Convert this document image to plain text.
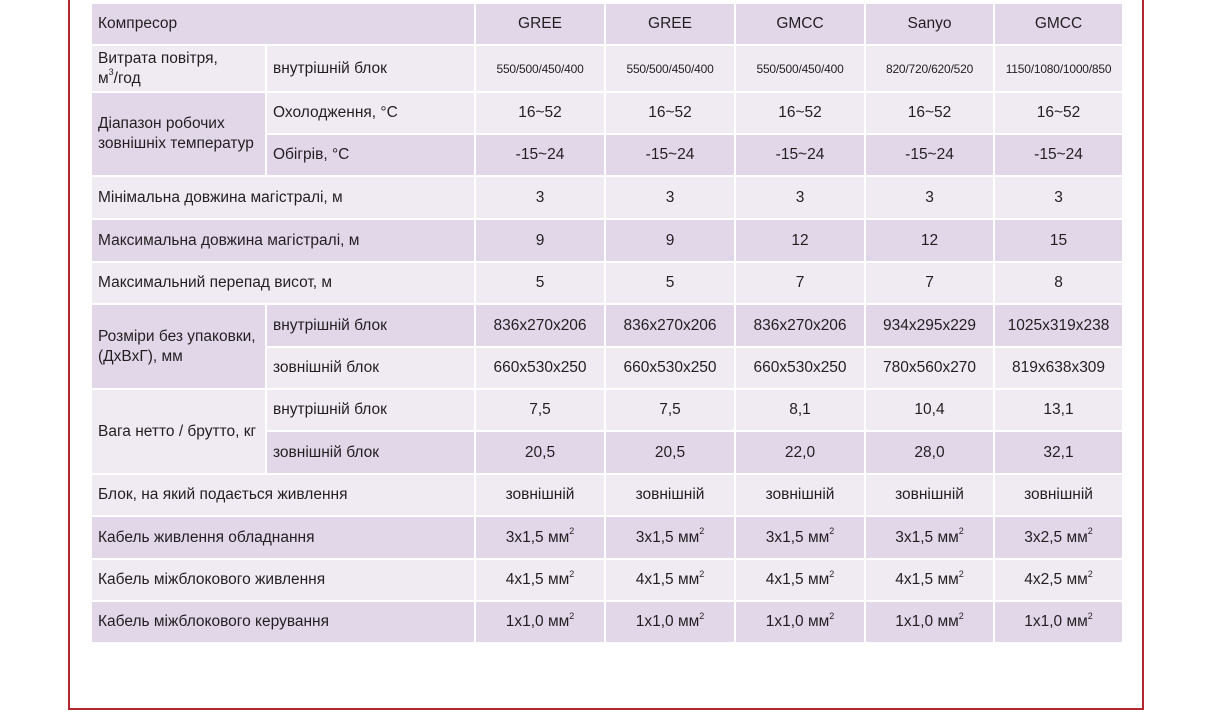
Компресор		GREE	GREE	GMCC	Sanyo	GMCC
Витрата повітря,
$м^3$/год	внутрішній блок	550/500/450/400	550/500/450/400	550/500/450/400	820/720/620/520	1150/1080/1000/850
Діапазон робочих зовнішніх температур	Охолодження, °С	16~52	16~52	16~52	16~52	16~52
	Обігрів, °С	-15~24	-15~24	-15~24	-15~24	-15~24
Мінімальна довжина магістралі, м		3	3	3	3	3
Максимальна довжина магістралі, м		9	9	12	12	15
Максимальний перепад висот, м		5	5	7	7	8
Розміри без упаковки, (ДхВхГ), мм	внутрішній блок	836x270x206	836x270x206	836x270x206	934x295x229	1025x319x238
	зовнішній блок	660x530x250	660x530x250	660x530x250	780x560x270	819x638x309
Вага нетто / брутто, кг	внутрішній блок	7,5	7,5	8,1	10,4	13,1
	зовнішній блок	20,5	20,5	22,0	28,0	32,1
Блок, на який подається живлення		зовнішній	зовнішній	зовнішній	зовнішній	зовнішній
Кабель живлення обладнання		3x1,5 $мм^2$	3x1,5 $мм^2$	3x1,5 $мм^2$	3x1,5 $мм^2$	3x2,5 $мм^2$
Кабель міжблокового живлення		4x1,5 $мм^2$	4x1,5 $мм^2$	4x1,5 $мм^2$	4x1,5 $мм^2$	4x2,5 $мм^2$
Кабель міжблокового керування		1x1,0 $мм^2$	1x1,0 $мм^2$	1x1,0 $мм^2$	1x1,0 $мм^2$	1x1,0 $мм^2$
